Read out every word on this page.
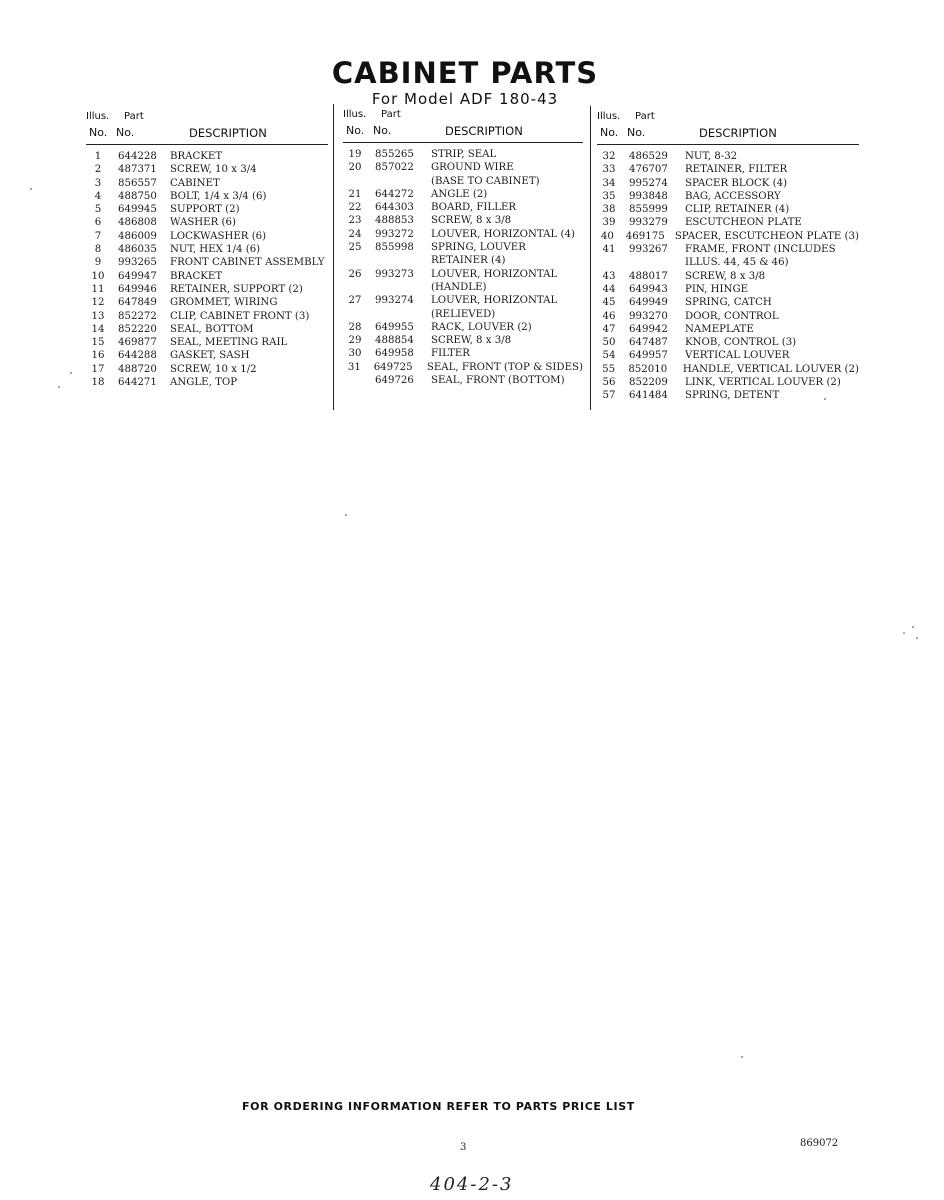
CABINET PARTS
For Model ADF 180-43
Illus. Part
No. No.	DESCRIPTION
1	644228	BRACKET
2	487371	SCREW, 10 x 3/4
3	856557	CABINET
4	488750	BOLT, 1/4 x 3/4 (6)
5	649945	SUPPORT (2)
6	486808	WASHER (6)
7	486009	LOCKWASHER (6)
8	486035	NUT, HEX 1/4 (6)
9	993265	FRONT CABINET ASSEMBLY
10	649947	BRACKET
11	649946	RETAINER, SUPPORT (2)
12	647849	GROMMET, WIRING
13	852272	CLIP, CABINET FRONT (3)
14	852220	SEAL, BOTTOM
15	469877	SEAL, MEETING RAIL
16	644288	GASKET, SASH
17	488720	SCREW, 10 x 1/2
18	644271	ANGLE, TOP
Illus. Part
No. No.	DESCRIPTION
19	855265	STRIP, SEAL
20	857022	GROUND WIRE
(BASE TO CABINET)
21	644272	ANGLE (2)
22	644303	BOARD, FILLER
23	488853	SCREW, 8 x 3/8
24	993272	LOUVER, HORIZONTAL (4)
25	855998	SPRING, LOUVER
RETAINER (4)
26	993273	LOUVER, HORIZONTAL
(HANDLE)
27	993274	LOUVER, HORIZONTAL
(RELIEVED)
28	649955	RACK, LOUVER (2)
29	488854	SCREW, 8 x 3/8
30	649958	FILTER
31	649725	SEAL, FRONT (TOP & SIDES)
649726	SEAL, FRONT (BOTTOM)
Illus. Part
No. No.	DESCRIPTION
32	486529	NUT, 8-32
33	476707	RETAINER, FILTER
34	995274	SPACER BLOCK (4)
35	993848	BAG, ACCESSORY
38	855999	CLIP, RETAINER (4)
39	993279	ESCUTCHEON PLATE
40	469175 SPACER, ESCUTCHEON PLATE (3)
41	993267	FRAME, FRONT (INCLUDES
ILLUS. 44, 45 & 46)
43	488017	SCREW, 8 x 3/8
44	649943	PIN, HINGE
45	649949	SPRING, CATCH
46	993270	DOOR, CONTROL
47	649942	NAMEPLATE
50	647487	KNOB, CONTROL (3)
54	649957	VERTICAL LOUVER
55	852010	HANDLE, VERTICAL LOUVER (2)
56	852209	LINK, VERTICAL LOUVER (2)
57	641484	SPRING, DETENT
FOR ORDERING INFORMATION REFER TO PARTS PRICE LIST
3	869072
404-2-3
